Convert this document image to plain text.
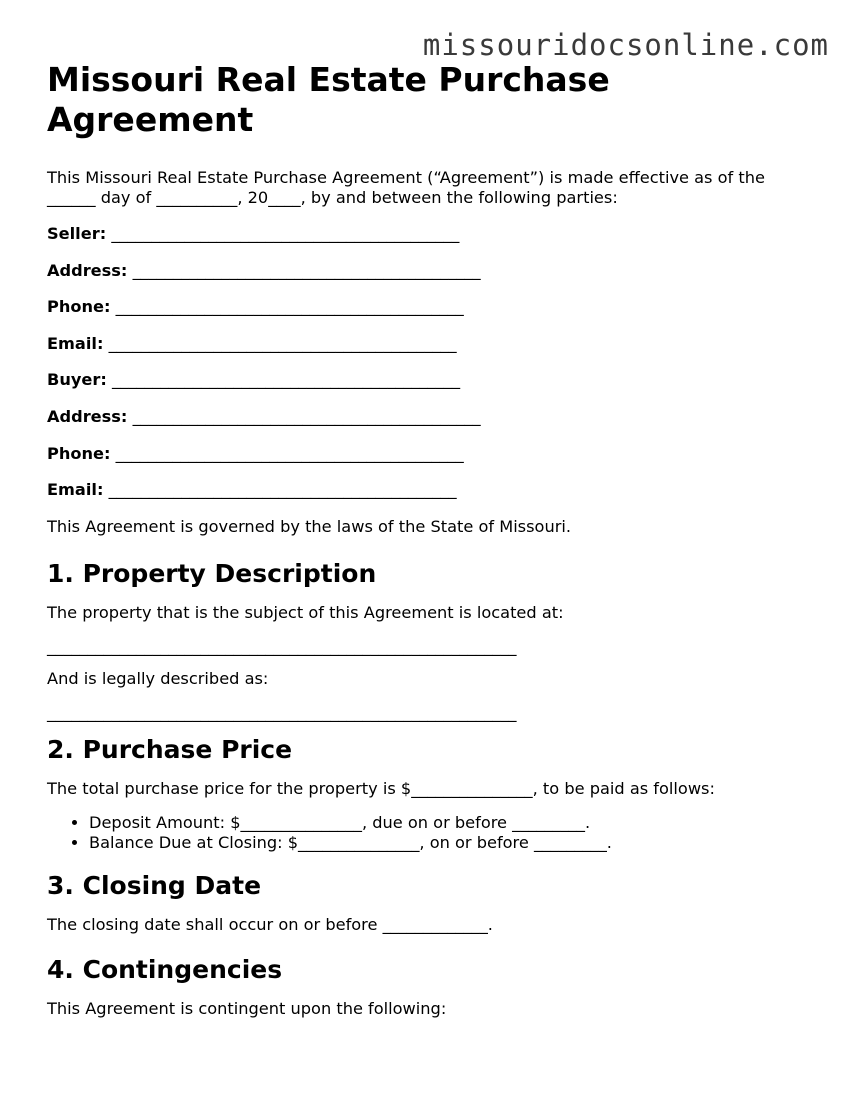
missouridocsonline.com
Missouri Real Estate Purchase Agreement

This Missouri Real Estate Purchase Agreement (“Agreement”) is made effective as of the ______ day of __________, 20____, by and between the following parties:

Seller: ___________________________________________
Address: ___________________________________________
Phone: ___________________________________________
Email: ___________________________________________
Buyer: ___________________________________________
Address: ___________________________________________
Phone: ___________________________________________
Email: ___________________________________________

This Agreement is governed by the laws of the State of Missouri.

1. Property Description

The property that is the subject of this Agreement is located at:

__________________________________________________________

And is legally described as:

__________________________________________________________

2. Purchase Price

The total purchase price for the property is $_______________, to be paid as follows:

• Deposit Amount: $_______________, due on or before _________.
• Balance Due at Closing: $_______________, on or before _________.
3. Closing Date

The closing date shall occur on or before _____________.

4. Contingencies

This Agreement is contingent upon the following:
